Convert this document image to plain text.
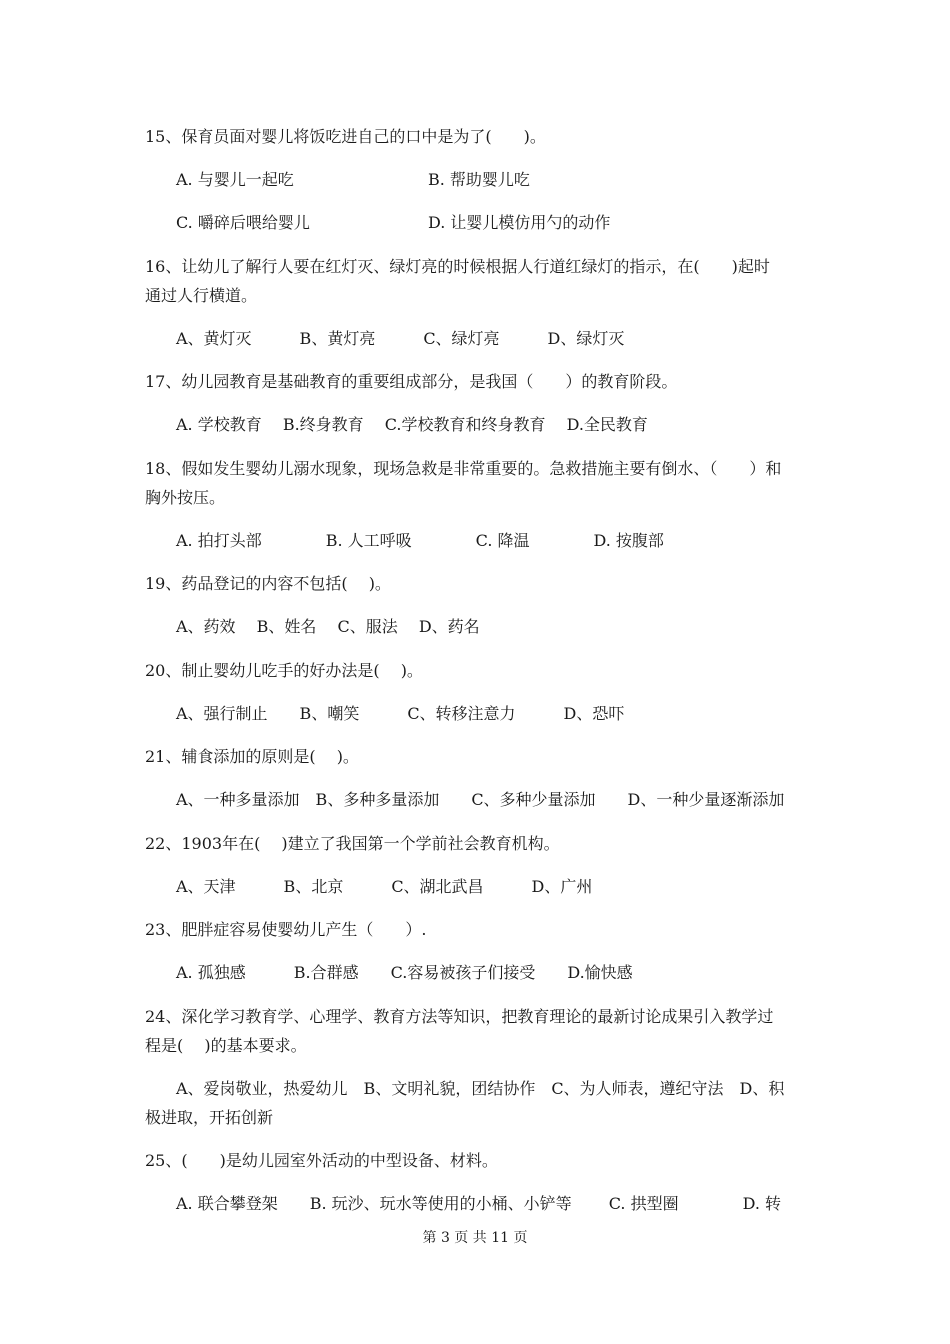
15、保育员面对婴儿将饭吃进自己的口中是为了(　　)。
A. 与婴儿一起吃	B. 帮助婴儿吃
C. 嚼碎后喂给婴儿	D. 让婴儿模仿用勺的动作
16、让幼儿了解行人要在红灯灭、绿灯亮的时候根据人行道红绿灯的指示，在(　　)起时
通过人行横道。
A、黄灯灭　　　B、黄灯亮　　　C、绿灯亮　　　D、绿灯灭
17、幼儿园教育是基础教育的重要组成部分，是我国（　　）的教育阶段。
A. 学校教育　 B.终身教育　 C.学校教育和终身教育　 D.全民教育
18、假如发生婴幼儿溺水现象，现场急救是非常重要的。急救措施主要有倒水、（　　）和
胸外按压。
A. 拍打头部　　　　B. 人工呼吸　　　　C. 降温　　　　D. 按腹部
19、药品登记的内容不包括(　 )。
A、药效　 B、姓名　 C、服法　 D、药名
20、制止婴幼儿吃手的好办法是(　 )。
A、强行制止　　B、嘲笑　　　C、转移注意力　　　D、恐吓
21、辅食添加的原则是(　 )。
A、一种多量添加　B、多种多量添加　　C、多种少量添加　　D、一种少量逐渐添加
22、1903年在(　 )建立了我国第一个学前社会教育机构。
A、天津　　　B、北京　　　C、湖北武昌　　　D、广州
23、肥胖症容易使婴幼儿产生（　　）.
A. 孤独感　　　B.合群感　　C.容易被孩子们接受　　D.愉快感
24、深化学习教育学、心理学、教育方法等知识，把教育理论的最新讨论成果引入教学过
程是(　 )的基本要求。
A、爱岗敬业，热爱幼儿　B、文明礼貌，团结协作　C、为人师表，遵纪守法　D、积
极进取，开拓创新
25、(　　)是幼儿园室外活动的中型设备、材料。
A. 联合攀登架　　B. 玩沙、玩水等使用的小桶、小铲等　　 C. 拱型圈　　　　D. 转
第 3 页 共 11 页
